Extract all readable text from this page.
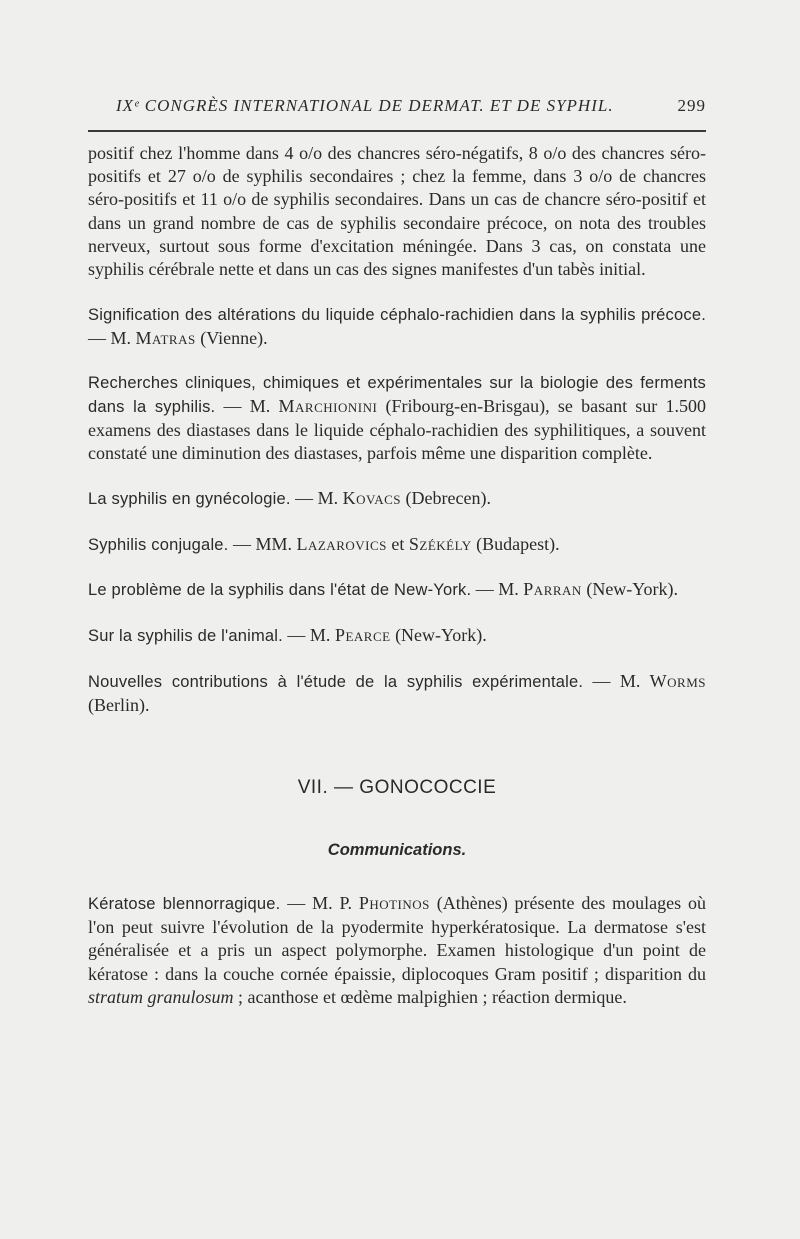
IXᵉ CONGRÈS INTERNATIONAL DE DERMAT. ET DE SYPHIL.	299

positif chez l'homme dans 4 o/o des chancres séro-négatifs, 8 o/o des chancres séro-positifs et 27 o/o de syphilis secondaires ; chez la femme, dans 3 o/o de chancres séro-positifs et 11 o/o de syphilis secondaires. Dans un cas de chancre séro-positif et dans un grand nombre de cas de syphilis secondaire précoce, on nota des troubles nerveux, surtout sous forme d'excitation méningée. Dans 3 cas, on constata une syphilis cérébrale nette et dans un cas des signes manifestes d'un tabès initial.

Signification des altérations du liquide céphalo-rachidien dans la syphilis précoce. — M. Matras (Vienne).

Recherches cliniques, chimiques et expérimentales sur la biologie des ferments dans la syphilis. — M. Marchionini (Fribourg-en-Brisgau), se basant sur 1.500 examens des diastases dans le liquide céphalo-rachidien des syphilitiques, a souvent constaté une diminution des diastases, parfois même une disparition complète.

La syphilis en gynécologie. — M. Kovacs (Debrecen).

Syphilis conjugale. — MM. Lazarovics et Székély (Budapest).

Le problème de la syphilis dans l'état de New-York. — M. Parran (New-York).

Sur la syphilis de l'animal. — M. Pearce (New-York).

Nouvelles contributions à l'étude de la syphilis expérimentale. — M. Worms (Berlin).

VII. — GONOCOCCIE
Communications.

Kératose blennorragique. — M. P. Photinos (Athènes) présente des moulages où l'on peut suivre l'évolution de la pyodermite hyperkératosique. La dermatose s'est généralisée et a pris un aspect polymorphe. Examen histologique d'un point de kératose : dans la couche cornée épaissie, diplocoques Gram positif ; disparition du stratum granulosum ; acanthose et œdème malpighien ; réaction dermique.
